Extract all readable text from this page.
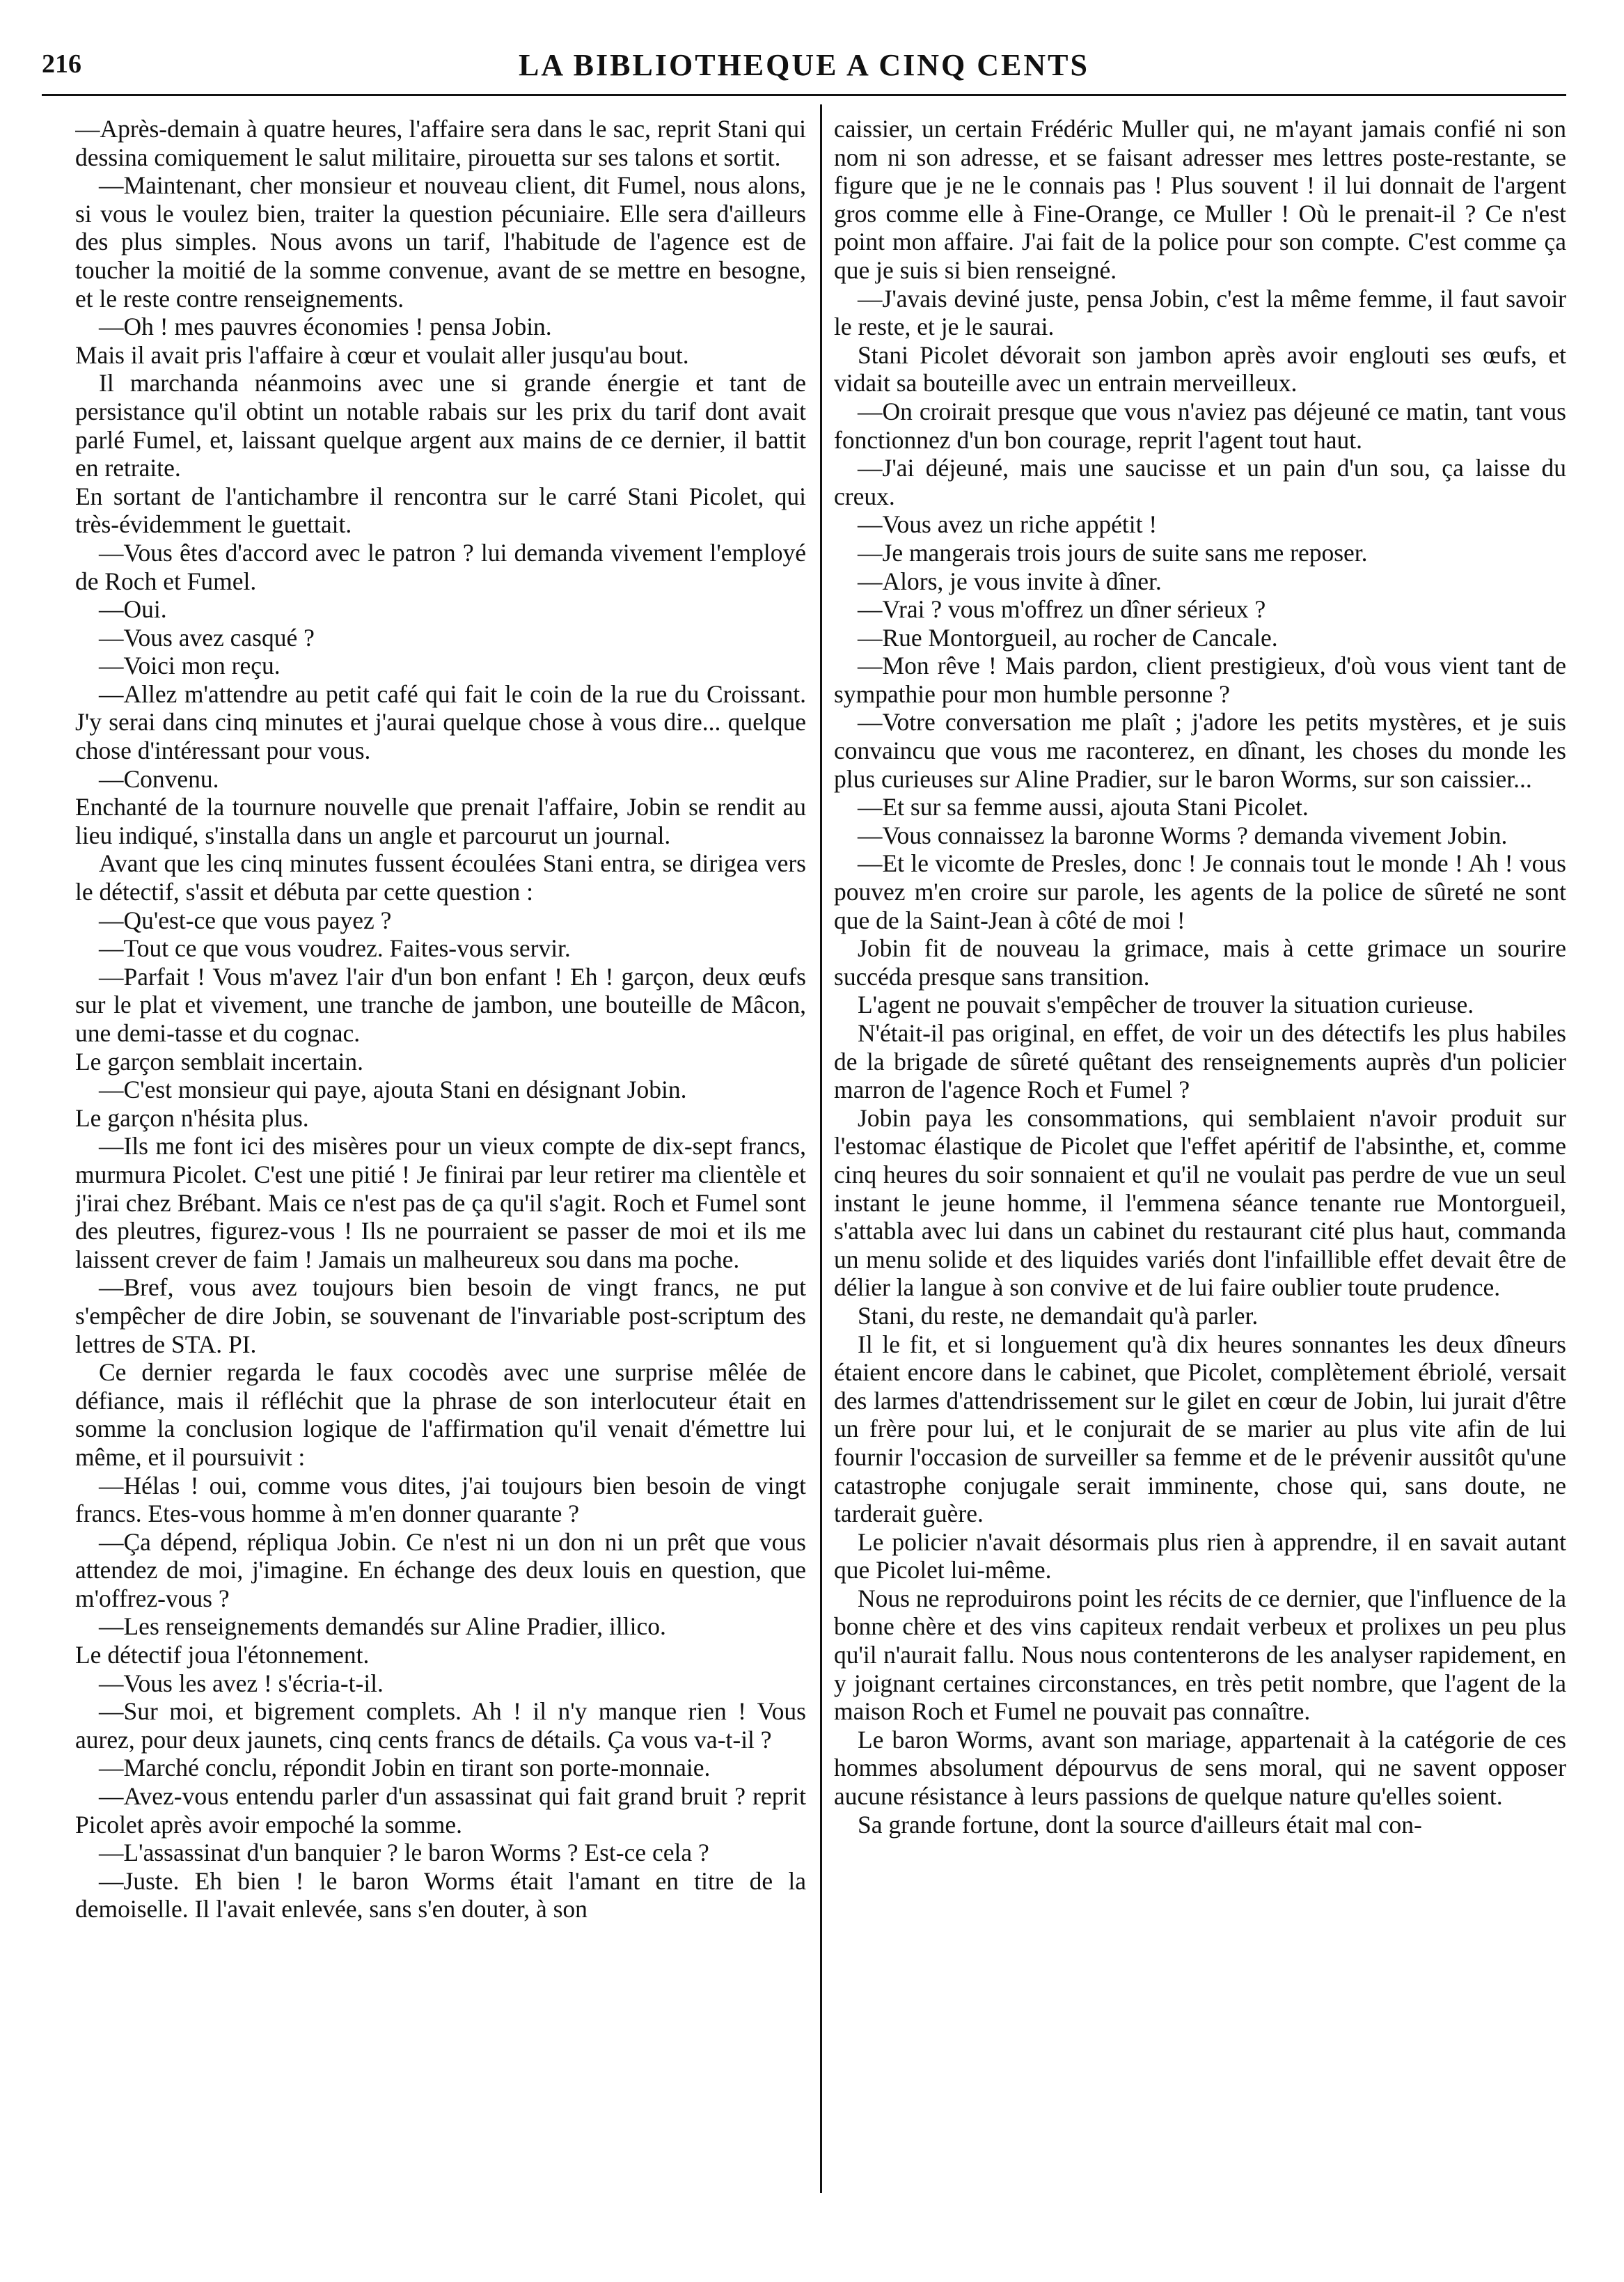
216	LA BIBLIOTHEQUE A CINQ CENTS

—Après-demain à quatre heures, l'affaire sera dans le sac, reprit Stani qui dessina comiquement le salut militaire, pirouetta sur ses talons et sortit.

—Maintenant, cher monsieur et nouveau client, dit Fumel, nous alons, si vous le voulez bien, traiter la question pécuniaire. Elle sera d'ailleurs des plus simples. Nous avons un tarif, l'habitude de l'agence est de toucher la moitié de la somme convenue, avant de se mettre en besogne, et le reste contre renseignements.

—Oh ! mes pauvres économies ! pensa Jobin.

Mais il avait pris l'affaire à cœur et voulait aller jusqu'au bout.

Il marchanda néanmoins avec une si grande énergie et tant de persistance qu'il obtint un notable rabais sur les prix du tarif dont avait parlé Fumel, et, laissant quelque argent aux mains de ce dernier, il battit en retraite.

En sortant de l'antichambre il rencontra sur le carré Stani Picolet, qui très-évidemment le guettait.

—Vous êtes d'accord avec le patron ? lui demanda vivement l'employé de Roch et Fumel.

—Oui.

—Vous avez casqué ?

—Voici mon reçu.

—Allez m'attendre au petit café qui fait le coin de la rue du Croissant. J'y serai dans cinq minutes et j'aurai quelque chose à vous dire... quelque chose d'intéressant pour vous.

—Convenu.

Enchanté de la tournure nouvelle que prenait l'affaire, Jobin se rendit au lieu indiqué, s'installa dans un angle et parcourut un journal.

Avant que les cinq minutes fussent écoulées Stani entra, se dirigea vers le détectif, s'assit et débuta par cette question :

—Qu'est-ce que vous payez ?

—Tout ce que vous voudrez. Faites-vous servir.

—Parfait ! Vous m'avez l'air d'un bon enfant ! Eh ! garçon, deux œufs sur le plat et vivement, une tranche de jambon, une bouteille de Mâcon, une demi-tasse et du cognac.

Le garçon semblait incertain.

—C'est monsieur qui paye, ajouta Stani en désignant Jobin.

Le garçon n'hésita plus.

—Ils me font ici des misères pour un vieux compte de dix-sept francs, murmura Picolet. C'est une pitié ! Je finirai par leur retirer ma clientèle et j'irai chez Brébant. Mais ce n'est pas de ça qu'il s'agit. Roch et Fumel sont des pleutres, figurez-vous ! Ils ne pourraient se passer de moi et ils me laissent crever de faim ! Jamais un malheureux sou dans ma poche.

—Bref, vous avez toujours bien besoin de vingt francs, ne put s'empêcher de dire Jobin, se souvenant de l'invariable post-scriptum des lettres de STA. PI.

Ce dernier regarda le faux cocodès avec une surprise mêlée de défiance, mais il réfléchit que la phrase de son interlocuteur était en somme la conclusion logique de l'affirmation qu'il venait d'émettre lui même, et il poursuivit :

—Hélas ! oui, comme vous dites, j'ai toujours bien besoin de vingt francs. Etes-vous homme à m'en donner quarante ?

—Ça dépend, répliqua Jobin. Ce n'est ni un don ni un prêt que vous attendez de moi, j'imagine. En échange des deux louis en question, que m'offrez-vous ?

—Les renseignements demandés sur Aline Pradier, illico.

Le détectif joua l'étonnement.

—Vous les avez ! s'écria-t-il.

—Sur moi, et bigrement complets. Ah ! il n'y manque rien ! Vous aurez, pour deux jaunets, cinq cents francs de détails. Ça vous va-t-il ?

—Marché conclu, répondit Jobin en tirant son porte-monnaie.

—Avez-vous entendu parler d'un assassinat qui fait grand bruit ? reprit Picolet après avoir empoché la somme.

—L'assassinat d'un banquier ? le baron Worms ? Est-ce cela ?

—Juste. Eh bien ! le baron Worms était l'amant en titre de la demoiselle. Il l'avait enlevée, sans s'en douter, à son

caissier, un certain Frédéric Muller qui, ne m'ayant jamais confié ni son nom ni son adresse, et se faisant adresser mes lettres poste-restante, se figure que je ne le connais pas ! Plus souvent ! il lui donnait de l'argent gros comme elle à Fine-Orange, ce Muller ! Où le prenait-il ? Ce n'est point mon affaire. J'ai fait de la police pour son compte. C'est comme ça que je suis si bien renseigné.

—J'avais deviné juste, pensa Jobin, c'est la même femme, il faut savoir le reste, et je le saurai.

Stani Picolet dévorait son jambon après avoir englouti ses œufs, et vidait sa bouteille avec un entrain merveilleux.

—On croirait presque que vous n'aviez pas déjeuné ce matin, tant vous fonctionnez d'un bon courage, reprit l'agent tout haut.

—J'ai déjeuné, mais une saucisse et un pain d'un sou, ça laisse du creux.

—Vous avez un riche appétit !

—Je mangerais trois jours de suite sans me reposer.

—Alors, je vous invite à dîner.

—Vrai ? vous m'offrez un dîner sérieux ?

—Rue Montorgueil, au rocher de Cancale.

—Mon rêve ! Mais pardon, client prestigieux, d'où vous vient tant de sympathie pour mon humble personne ?

—Votre conversation me plaît ; j'adore les petits mystères, et je suis convaincu que vous me raconterez, en dînant, les choses du monde les plus curieuses sur Aline Pradier, sur le baron Worms, sur son caissier...

—Et sur sa femme aussi, ajouta Stani Picolet.

—Vous connaissez la baronne Worms ? demanda vivement Jobin.

—Et le vicomte de Presles, donc ! Je connais tout le monde ! Ah ! vous pouvez m'en croire sur parole, les agents de la police de sûreté ne sont que de la Saint-Jean à côté de moi !

Jobin fit de nouveau la grimace, mais à cette grimace un sourire succéda presque sans transition.

L'agent ne pouvait s'empêcher de trouver la situation curieuse.

N'était-il pas original, en effet, de voir un des détectifs les plus habiles de la brigade de sûreté quêtant des renseignements auprès d'un policier marron de l'agence Roch et Fumel ?

Jobin paya les consommations, qui semblaient n'avoir produit sur l'estomac élastique de Picolet que l'effet apéritif de l'absinthe, et, comme cinq heures du soir sonnaient et qu'il ne voulait pas perdre de vue un seul instant le jeune homme, il l'emmena séance tenante rue Montorgueil, s'attabla avec lui dans un cabinet du restaurant cité plus haut, commanda un menu solide et des liquides variés dont l'infaillible effet devait être de délier la langue à son convive et de lui faire oublier toute prudence.

Stani, du reste, ne demandait qu'à parler.

Il le fit, et si longuement qu'à dix heures sonnantes les deux dîneurs étaient encore dans le cabinet, que Picolet, complètement ébriolé, versait des larmes d'attendrissement sur le gilet en cœur de Jobin, lui jurait d'être un frère pour lui, et le conjurait de se marier au plus vite afin de lui fournir l'occasion de surveiller sa femme et de le prévenir aussitôt qu'une catastrophe conjugale serait imminente, chose qui, sans doute, ne tarderait guère.

Le policier n'avait désormais plus rien à apprendre, il en savait autant que Picolet lui-même.

Nous ne reproduirons point les récits de ce dernier, que l'influence de la bonne chère et des vins capiteux rendait verbeux et prolixes un peu plus qu'il n'aurait fallu. Nous nous contenterons de les analyser rapidement, en y joignant certaines circonstances, en très petit nombre, que l'agent de la maison Roch et Fumel ne pouvait pas connaître.

Le baron Worms, avant son mariage, appartenait à la catégorie de ces hommes absolument dépourvus de sens moral, qui ne savent opposer aucune résistance à leurs passions de quelque nature qu'elles soient.

Sa grande fortune, dont la source d'ailleurs était mal con-
